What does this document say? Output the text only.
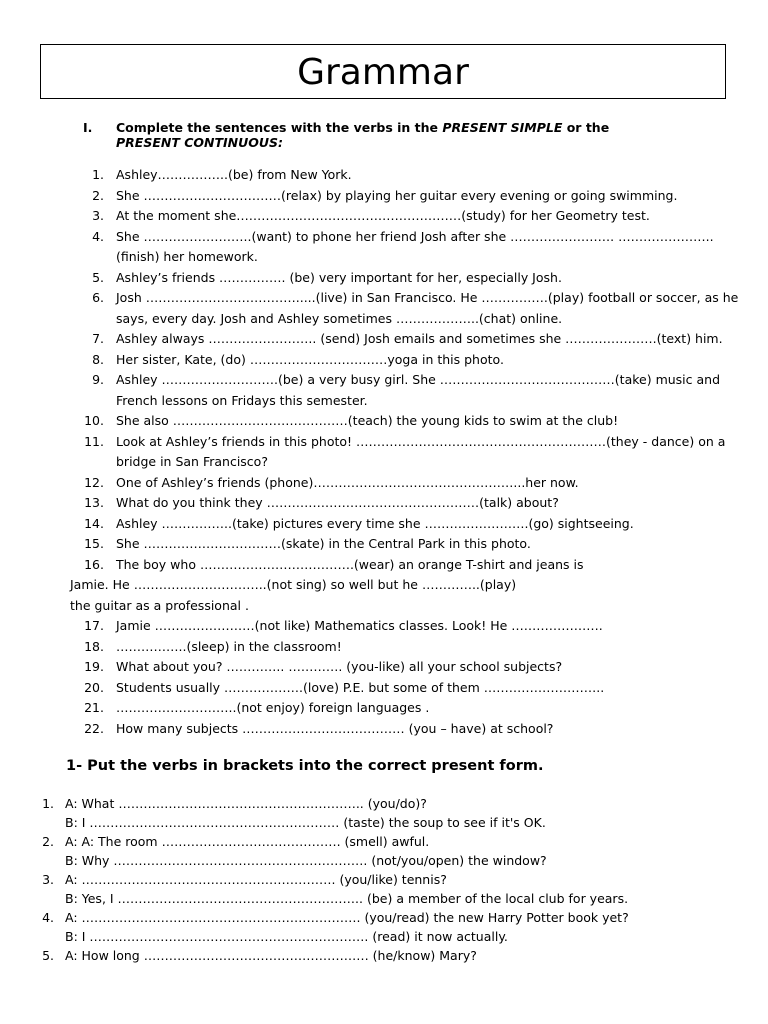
Grammar
I. Complete the sentences with the verbs in the PRESENT SIMPLE or the
PRESENT CONTINUOUS:
1. Ashley……………..(be) from New York.
2. She ……………………………(relax) by playing her guitar every evening or going swimming.
3. At the moment she………………………………………………(study) for her Geometry test.
4. She ……………………..(want) to phone her friend Josh after she ……………………. …………………..
(finish) her homework.
5. Ashley’s friends ……………. (be) very important for her, especially Josh.
6. Josh ……………………………….....(live) in San Francisco. He …………….(play) football or soccer, as he
says, every day. Josh and Ashley sometimes ………………..(chat) online.
7. Ashley always …………………….. (send) Josh emails and sometimes she ………………….(text) him.
8. Her sister, Kate, (do) ……………………………yoga in this photo.
9. Ashley ……………………….(be) a very busy girl. She ……………………………………(take) music and
French lessons on Fridays this semester.
10. She also ……………………………………(teach) the young kids to swim at the club!
11. Look at Ashley’s friends in this photo! ……………………………………………………(they - dance) on a
bridge in San Francisco?
12. One of Ashley’s friends (phone)…………………………………………...her now.
13. What do you think they ……………………………………………(talk) about?
14. Ashley ……………..(take) pictures every time she …………………….(go) sightseeing.
15. She ……………………………(skate) in the Central Park in this photo.
16. The boy who ……………………………….(wear) an orange T-shirt and jeans is
Jamie. He …………………………..(not sing) so well but he …………..(play)
the guitar as a professional .
17. Jamie ……………………(not like) Mathematics classes. Look! He ………………….
18. ……………..(sleep) in the classroom!
19. What about you? ………….. …………. (you-like) all your school subjects?
20. Students usually ……………….(love) P.E. but some of them ………………………..
21. ………………………..(not enjoy) foreign languages .
22. How many subjects ………………………………… (you – have) at school?
1- Put the verbs in brackets into the correct present form.
1. A: What ………………………………………………….. (you/do)?
B: I …………………………………………………… (taste) the soup to see if it's OK.
2. A: A: The room ……………………………………. (smell) awful.
B: Why ……………………………………………………. (not/you/open) the window?
3. A: ……………………………………………………. (you/like) tennis?
B: Yes, I ………………………………………………….. (be) a member of the local club for years.
4. A: …………………………………………………………. (you/read) the new Harry Potter book yet?
B: I …………………………………………………………. (read) it now actually.
5. A: How long ……………………………………………… (he/know) Mary?
